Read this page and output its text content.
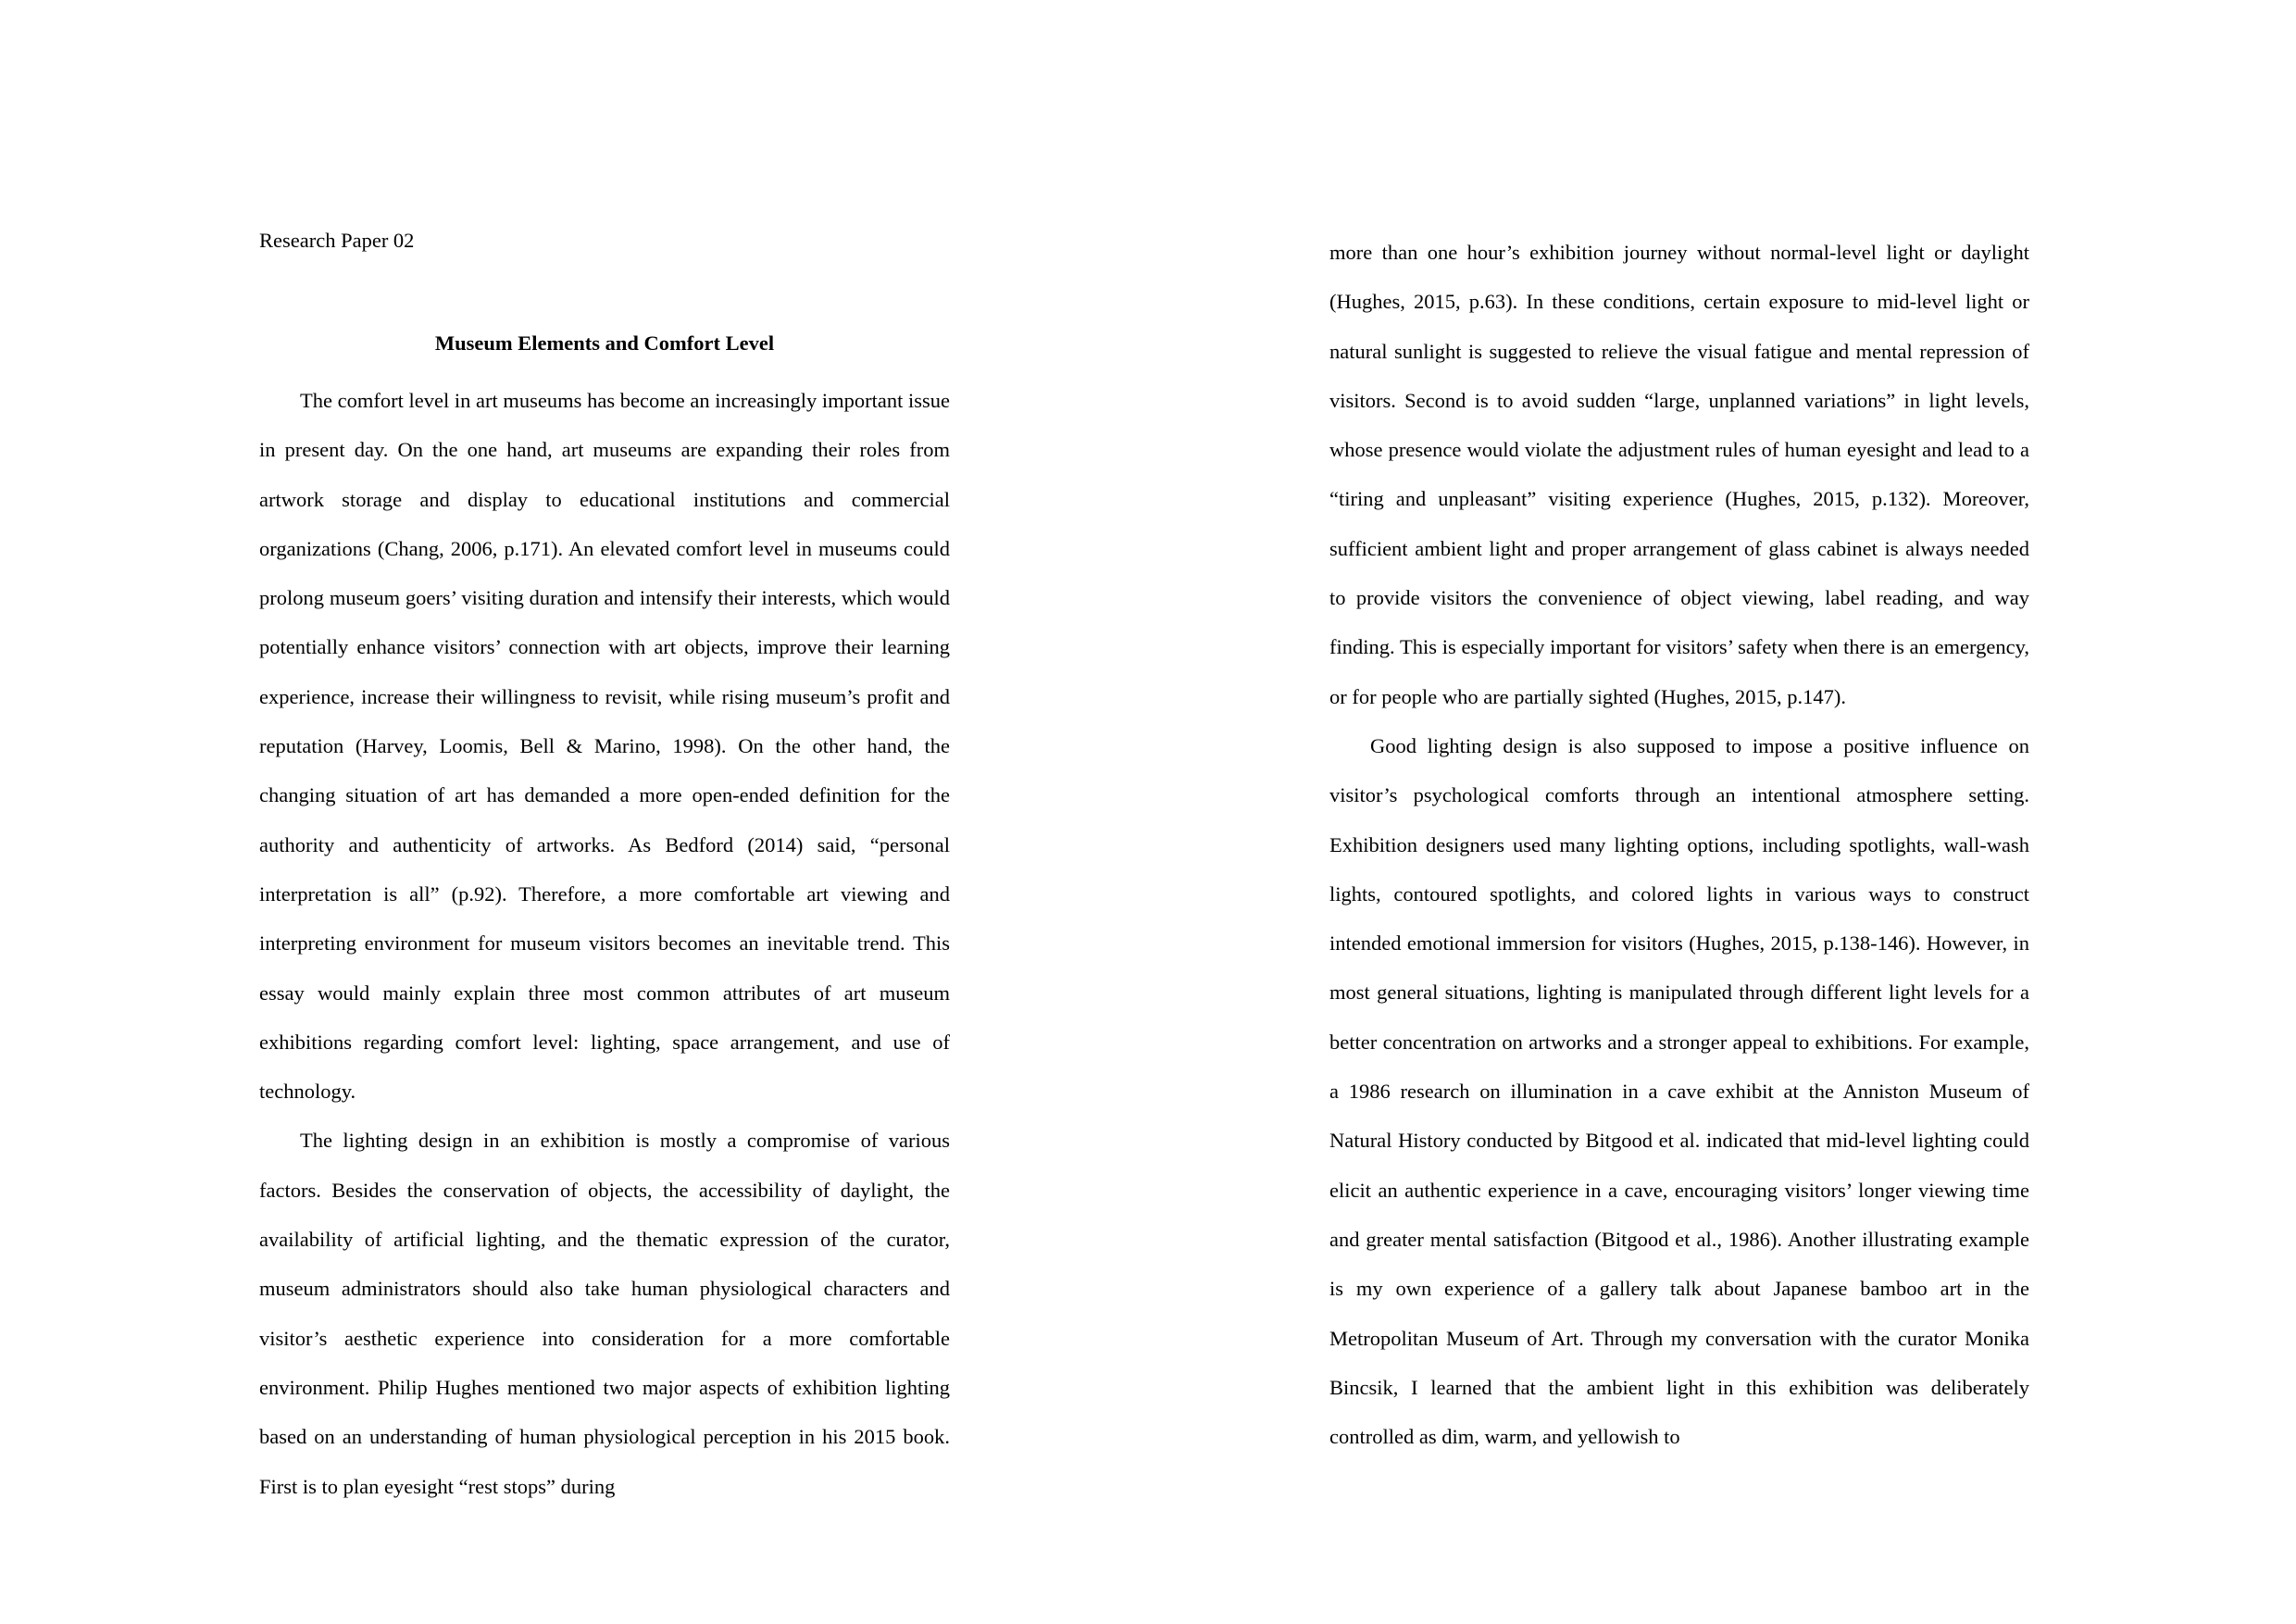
Research Paper 02
Museum Elements and Comfort Level

The comfort level in art museums has become an increasingly important issue in present day. On the one hand, art museums are expanding their roles from artwork storage and display to educational institutions and commercial organizations (Chang, 2006, p.171). An elevated comfort level in museums could prolong museum goers’ visiting duration and intensify their interests, which would potentially enhance visitors’ connection with art objects, improve their learning experience, increase their willingness to revisit, while rising museum’s profit and reputation (Harvey, Loomis, Bell & Marino, 1998). On the other hand, the changing situation of art has demanded a more open-ended definition for the authority and authenticity of artworks. As Bedford (2014) said, “personal interpretation is all” (p.92). Therefore, a more comfortable art viewing and interpreting environment for museum visitors becomes an inevitable trend. This essay would mainly explain three most common attributes of art museum exhibitions regarding comfort level: lighting, space arrangement, and use of technology.

The lighting design in an exhibition is mostly a compromise of various factors. Besides the conservation of objects, the accessibility of daylight, the availability of artificial lighting, and the thematic expression of the curator, museum administrators should also take human physiological characters and visitor’s aesthetic experience into consideration for a more comfortable environment. Philip Hughes mentioned two major aspects of exhibition lighting based on an understanding of human physiological perception in his 2015 book. First is to plan eyesight “rest stops” during

more than one hour’s exhibition journey without normal-level light or daylight (Hughes, 2015, p.63). In these conditions, certain exposure to mid-level light or natural sunlight is suggested to relieve the visual fatigue and mental repression of visitors. Second is to avoid sudden “large, unplanned variations” in light levels, whose presence would violate the adjustment rules of human eyesight and lead to a “tiring and unpleasant” visiting experience (Hughes, 2015, p.132). Moreover, sufficient ambient light and proper arrangement of glass cabinet is always needed to provide visitors the convenience of object viewing, label reading, and way finding. This is especially important for visitors’ safety when there is an emergency, or for people who are partially sighted (Hughes, 2015, p.147).

Good lighting design is also supposed to impose a positive influence on visitor’s psychological comforts through an intentional atmosphere setting. Exhibition designers used many lighting options, including spotlights, wall-wash lights, contoured spotlights, and colored lights in various ways to construct intended emotional immersion for visitors (Hughes, 2015, p.138-146). However, in most general situations, lighting is manipulated through different light levels for a better concentration on artworks and a stronger appeal to exhibitions. For example, a 1986 research on illumination in a cave exhibit at the Anniston Museum of Natural History conducted by Bitgood et al. indicated that mid-level lighting could elicit an authentic experience in a cave, encouraging visitors’ longer viewing time and greater mental satisfaction (Bitgood et al., 1986). Another illustrating example is my own experience of a gallery talk about Japanese bamboo art in the Metropolitan Museum of Art. Through my conversation with the curator Monika Bincsik, I learned that the ambient light in this exhibition was deliberately controlled as dim, warm, and yellowish to
